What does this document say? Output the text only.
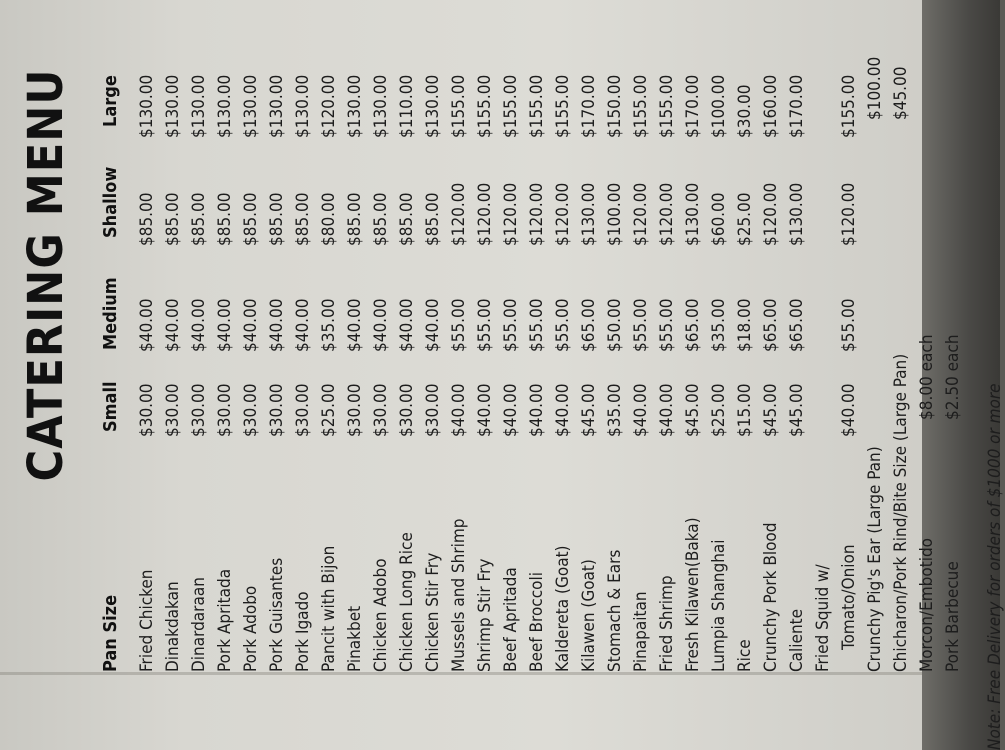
CATERING MENU
Pan Size
Small
Medium
Shallow
Large
Fried Chicken
$30.00
$40.00
$85.00
$130.00
Dinakdakan
$30.00
$40.00
$85.00
$130.00
Dinardaraan
$30.00
$40.00
$85.00
$130.00
Pork Apritada
$30.00
$40.00
$85.00
$130.00
Pork Adobo
$30.00
$40.00
$85.00
$130.00
Pork Guisantes
$30.00
$40.00
$85.00
$130.00
Pork Igado
$30.00
$40.00
$85.00
$130.00
Pancit with Bijon
$25.00
$35.00
$80.00
$120.00
Pinakbet
$30.00
$40.00
$85.00
$130.00
Chicken Adobo
$30.00
$40.00
$85.00
$130.00
Chicken Long Rice
$30.00
$40.00
$85.00
$110.00
Chicken Stir Fry
$30.00
$40.00
$85.00
$130.00
Mussels and Shrimp
$40.00
$55.00
$120.00
$155.00
Shrimp Stir Fry
$40.00
$55.00
$120.00
$155.00
Beef Apritada
$40.00
$55.00
$120.00
$155.00
Beef Broccoli
$40.00
$55.00
$120.00
$155.00
Kaldereta (Goat)
$40.00
$55.00
$120.00
$155.00
Kilawen (Goat)
$45.00
$65.00
$130.00
$170.00
Stomach & Ears
$35.00
$50.00
$100.00
$150.00
Pinapaitan
$40.00
$55.00
$120.00
$155.00
Fried Shrimp
$40.00
$55.00
$120.00
$155.00
Fresh Kilawen(Baka)
$45.00
$65.00
$130.00
$170.00
Lumpia Shanghai
$25.00
$35.00
$60.00
$100.00
Rice
$15.00
$18.00
$25.00
$30.00
Crunchy Pork Blood
$45.00
$65.00
$120.00
$160.00
Caliente
$45.00
$65.00
$130.00
$170.00
Fried Squid w/ Tomato/Onion
$40.00
$55.00
$120.00
$155.00
Crunchy Pig's Ear (Large Pan)
$100.00
Chicharon/Pork Rind/Bite Size (Large Pan)
$45.00
Morcon/Embotido
$8.00 each
Pork Barbecue
$2.50 each
Note: Free Delivery for orders of $1000 or more
